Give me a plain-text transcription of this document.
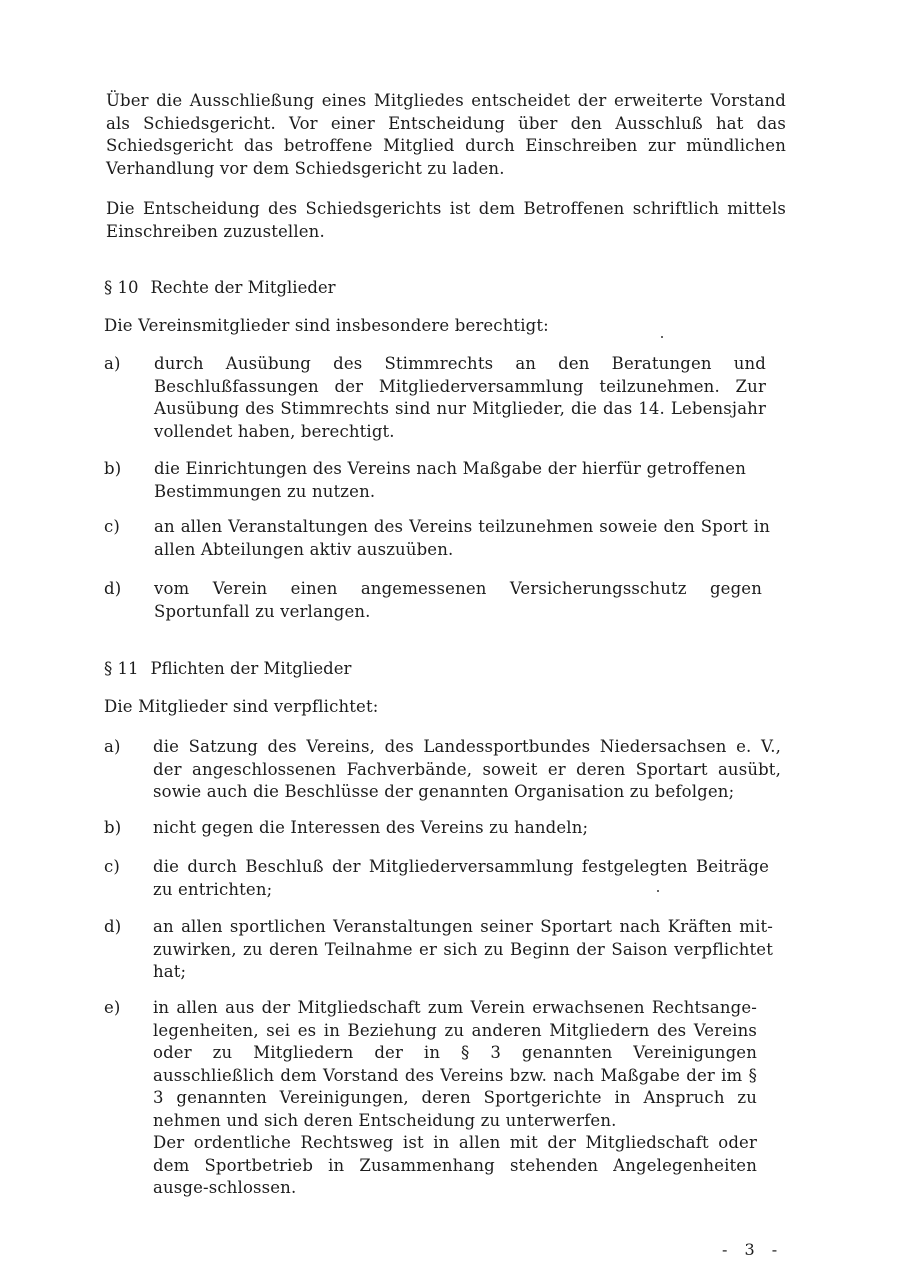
Über die Ausschließung eines Mitgliedes entscheidet der erweiterte Vorstand als Schiedsgericht. Vor einer Entscheidung über den Ausschluß hat das Schiedsgericht das betroffene Mitglied durch Einschreiben zur mündlichen Verhandlung vor dem Schiedsgericht zu laden.
Die Entscheidung des Schiedsgerichts ist dem Betroffenen schriftlich mittels Einschreiben zuzustellen.
§ 10 Rechte der Mitglieder
Die Vereinsmitglieder sind insbesondere berechtigt:
a) durch Ausübung des Stimmrechts an den Beratungen und Beschlußfassungen der Mitgliederversammlung teilzunehmen. Zur Ausübung des Stimmrechts sind nur Mitglieder, die das 14. Lebensjahr vollendet haben, berechtigt.
b) die Einrichtungen des Vereins nach Maßgabe der hierfür getroffenen Bestimmungen zu nutzen.
c) an allen Veranstaltungen des Vereins teilzunehmen soweie den Sport in allen Abteilungen aktiv auszuüben.
d) vom Verein einen angemessenen Versicherungsschutz gegen Sportunfall zu verlangen.
§ 11 Pflichten der Mitglieder
Die Mitglieder sind verpflichtet:
a) die Satzung des Vereins, des Landessportbundes Niedersachsen e. V., der angeschlossenen Fachverbände, soweit er deren Sportart ausübt, sowie auch die Beschlüsse der genannten Organisation zu befolgen;
b) nicht gegen die Interessen des Vereins zu handeln;
c) die durch Beschluß der Mitgliederversammlung festgelegten Beiträge zu entrichten;
d) an allen sportlichen Veranstaltungen seiner Sportart nach Kräften mit-zuwirken, zu deren Teilnahme er sich zu Beginn der Saison verpflichtet hat;
e) in allen aus der Mitgliedschaft zum Verein erwachsenen Rechtsange-legenheiten, sei es in Beziehung zu anderen Mitgliedern des Vereins oder zu Mitgliedern der in § 3 genannten Vereinigungen ausschließlich dem Vorstand des Vereins bzw. nach Maßgabe der im § 3 genannten Vereinigungen, deren Sportgerichte in Anspruch zu nehmen und sich deren Entscheidung zu unterwerfen.

Der ordentliche Rechtsweg ist in allen mit der Mitgliedschaft oder dem Sportbetrieb in Zusammenhang stehenden Angelegenheiten ausge-schlossen.

- 3 -
